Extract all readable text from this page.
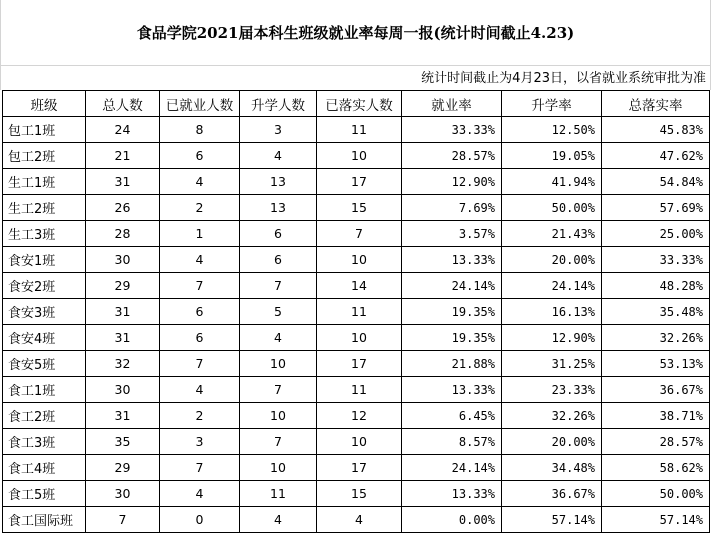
食品学院2021届本科生班级就业率每周一报(统计时间截止4.23)
统计时间截止为4月23日，以省就业系统审批为准
班级	总人数	已就业人数	升学人数	已落实人数	就业率	升学率	总落实率
包工1班	24	8	3	11	33.33%	12.50%	45.83%
包工2班	21	6	4	10	28.57%	19.05%	47.62%
生工1班	31	4	13	17	12.90%	41.94%	54.84%
生工2班	26	2	13	15	7.69%	50.00%	57.69%
生工3班	28	1	6	7	3.57%	21.43%	25.00%
食安1班	30	4	6	10	13.33%	20.00%	33.33%
食安2班	29	7	7	14	24.14%	24.14%	48.28%
食安3班	31	6	5	11	19.35%	16.13%	35.48%
食安4班	31	6	4	10	19.35%	12.90%	32.26%
食安5班	32	7	10	17	21.88%	31.25%	53.13%
食工1班	30	4	7	11	13.33%	23.33%	36.67%
食工2班	31	2	10	12	6.45%	32.26%	38.71%
食工3班	35	3	7	10	8.57%	20.00%	28.57%
食工4班	29	7	10	17	24.14%	34.48%	58.62%
食工5班	30	4	11	15	13.33%	36.67%	50.00%
食工国际班	7	0	4	4	0.00%	57.14%	57.14%
